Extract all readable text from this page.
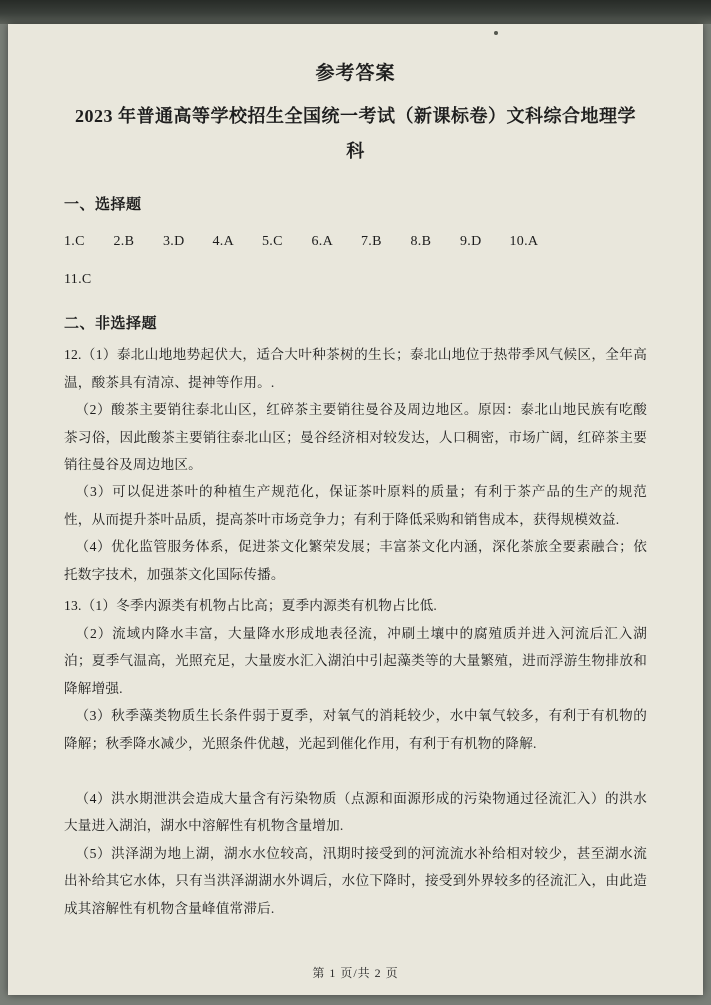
参考答案
2023 年普通高等学校招生全国统一考试（新课标卷）文科综合地理学
科
一、选择题
1.C	2.B	3.D	4.A	5.C	6.A	7.B	8.B	9.D	10.A
11.C
二、非选择题

12.（1）泰北山地地势起伏大，适合大叶种茶树的生长；泰北山地位于热带季风气候区，全年高温，酸茶具有清凉、提神等作用。.

（2）酸茶主要销往泰北山区，红碎茶主要销往曼谷及周边地区。原因：泰北山地民族有吃酸茶习俗，因此酸茶主要销往泰北山区；曼谷经济相对较发达，人口稠密，市场广阔，红碎茶主要销往曼谷及周边地区。

（3）可以促进茶叶的种植生产规范化，保证茶叶原料的质量；有利于茶产品的生产的规范性，从而提升茶叶品质，提高茶叶市场竞争力；有利于降低采购和销售成本，获得规模效益.

（4）优化监管服务体系，促进茶文化繁荣发展；丰富茶文化内涵，深化茶旅全要素融合；依托数字技术，加强茶文化国际传播。

13.（1）冬季内源类有机物占比高；夏季内源类有机物占比低.

（2）流域内降水丰富，大量降水形成地表径流，冲刷土壤中的腐殖质并进入河流后汇入湖泊；夏季气温高，光照充足，大量废水汇入湖泊中引起藻类等的大量繁殖，进而浮游生物排放和降解增强.

（3）秋季藻类物质生长条件弱于夏季，对氧气的消耗较少，水中氧气较多，有利于有机物的降解；秋季降水减少，光照条件优越，光起到催化作用，有利于有机物的降解.

（4）洪水期泄洪会造成大量含有污染物质（点源和面源形成的污染物通过径流汇入）的洪水大量进入湖泊，湖水中溶解性有机物含量增加.

（5）洪泽湖为地上湖，湖水水位较高，汛期时接受到的河流流水补给相对较少，甚至湖水流出补给其它水体，只有当洪泽湖湖水外调后，水位下降时，接受到外界较多的径流汇入，由此造成其溶解性有机物含量峰值常滞后.

第 1 页/共 2 页
